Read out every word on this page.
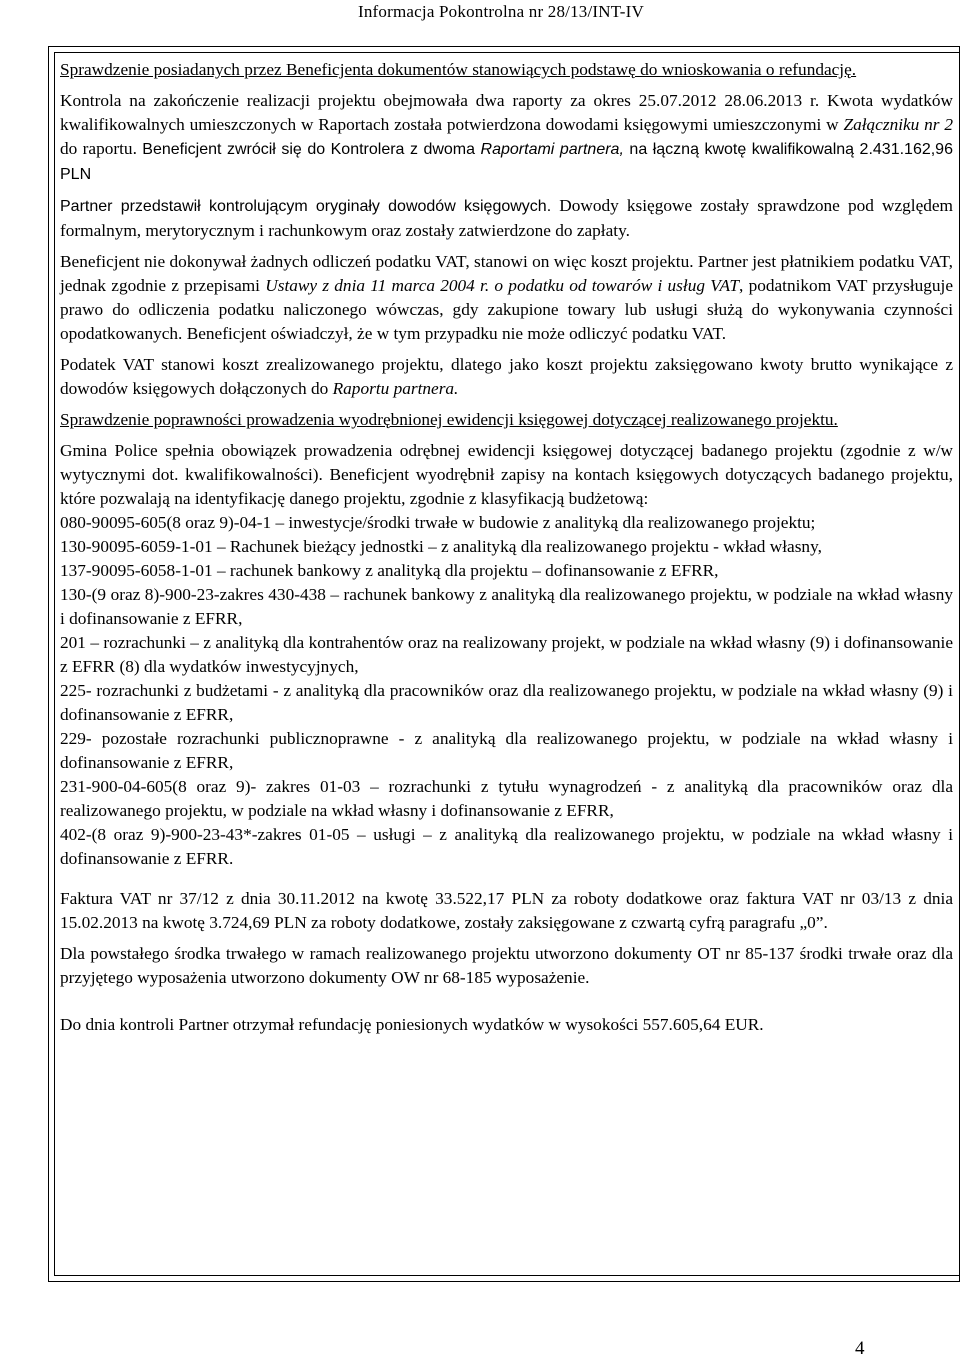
Informacja Pokontrolna nr 28/13/INT-IV

Sprawdzenie posiadanych przez Beneficjenta dokumentów stanowiących podstawę do wnioskowania o refundację.

Kontrola na zakończenie realizacji projektu obejmowała dwa raporty za okres 25.07.2012 28.06.2013 r. Kwota wydatków kwalifikowalnych umieszczonych w Raportach została potwierdzona dowodami księgowymi umieszczonymi w Załączniku nr 2 do raportu. Beneficjent zwrócił się do Kontrolera z dwoma Raportami partnera, na łączną kwotę kwalifikowalną 2.431.162,96 PLN

Partner przedstawił kontrolującym oryginały dowodów księgowych. Dowody księgowe zostały sprawdzone pod względem formalnym, merytorycznym i rachunkowym oraz zostały zatwierdzone do zapłaty.

Beneficjent nie dokonywał żadnych odliczeń podatku VAT, stanowi on więc koszt projektu. Partner jest płatnikiem podatku VAT, jednak zgodnie z przepisami Ustawy z dnia 11 marca 2004 r. o podatku od towarów i usług VAT, podatnikom VAT przysługuje prawo do odliczenia podatku naliczonego wówczas, gdy zakupione towary lub usługi służą do wykonywania czynności opodatkowanych. Beneficjent oświadczył, że w tym przypadku nie może odliczyć podatku VAT.

Podatek VAT stanowi koszt zrealizowanego projektu, dlatego jako koszt projektu zaksięgowano kwoty brutto wynikające z dowodów księgowych dołączonych do Raportu partnera.

Sprawdzenie poprawności prowadzenia wyodrębnionej ewidencji księgowej dotyczącej realizowanego projektu.

Gmina Police spełnia obowiązek prowadzenia odrębnej ewidencji księgowej dotyczącej badanego projektu (zgodnie z w/w wytycznymi dot. kwalifikowalności). Beneficjent wyodrębnił zapisy na kontach księgowych dotyczących badanego projektu, które pozwalają na identyfikację danego projektu, zgodnie z klasyfikacją budżetową:
080-90095-605(8 oraz 9)-04-1 – inwestycje/środki trwałe w budowie z analityką dla realizowanego projektu;
130-90095-6059-1-01 – Rachunek bieżący jednostki – z analityką dla realizowanego projektu - wkład własny,
137-90095-6058-1-01 – rachunek bankowy z analityką dla projektu – dofinansowanie z EFRR,
130-(9 oraz 8)-900-23-zakres 430-438 – rachunek bankowy z analityką dla realizowanego projektu, w podziale na wkład własny i dofinansowanie z EFRR,
201 – rozrachunki – z analityką dla kontrahentów oraz na realizowany projekt, w podziale na wkład własny (9) i dofinansowanie z EFRR (8) dla wydatków inwestycyjnych,
225- rozrachunki z budżetami - z analityką dla pracowników oraz dla realizowanego projektu, w podziale na wkład własny (9) i dofinansowanie z EFRR,
229- pozostałe rozrachunki publicznoprawne - z analityką dla realizowanego projektu, w podziale na wkład własny i dofinansowanie z EFRR,
231-900-04-605(8 oraz 9)- zakres 01-03 – rozrachunki z tytułu wynagrodzeń - z analityką dla pracowników oraz dla realizowanego projektu, w podziale na wkład własny i dofinansowanie z EFRR,
402-(8 oraz 9)-900-23-43*-zakres 01-05 – usługi – z analityką dla realizowanego projektu, w podziale na wkład własny i dofinansowanie z EFRR.

Faktura VAT nr 37/12 z dnia 30.11.2012 na kwotę 33.522,17 PLN za roboty dodatkowe oraz faktura VAT nr 03/13 z dnia 15.02.2013 na kwotę 3.724,69 PLN za roboty dodatkowe, zostały zaksięgowane z czwartą cyfrą paragrafu „0”.

Dla powstałego środka trwałego w ramach realizowanego projektu utworzono dokumenty OT nr 85-137 środki trwałe oraz dla przyjętego wyposażenia utworzono dokumenty OW nr 68-185 wyposażenie.

Do dnia kontroli Partner otrzymał refundację poniesionych wydatków w wysokości 557.605,64 EUR.

4
